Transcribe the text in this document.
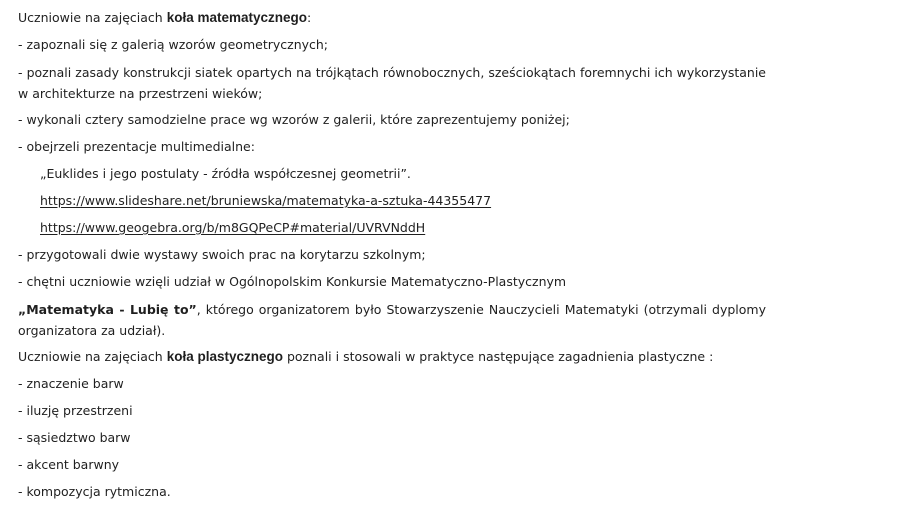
Uczniowie na zajęciach koła matematycznego:
- zapoznali się z galerią wzorów geometrycznych;
- poznali zasady konstrukcji siatek opartych na trójkątach równobocznych, sześciokątach foremnychi ich wykorzystanie w architekturze na przestrzeni wieków;
- wykonali cztery samodzielne prace wg wzorów z galerii, które zaprezentujemy poniżej;
- obejrzeli prezentacje multimedialne:
„Euklides i jego postulaty - źródła współczesnej geometrii”.
https://www.slideshare.net/bruniewska/matematyka-a-sztuka-44355477
https://www.geogebra.org/b/m8GQPeCP#material/UVRVNddH
- przygotowali dwie wystawy swoich prac na korytarzu szkolnym;
- chętni uczniowie wzięli udział w Ogólnopolskim Konkursie Matematyczno-Plastycznym
„Matematyka - Lubię to”, którego organizatorem było Stowarzyszenie Nauczycieli Matematyki (otrzymali dyplomy organizatora za udział).
Uczniowie na zajęciach koła plastycznego poznali i stosowali w praktyce następujące zagadnienia plastyczne :
- znaczenie barw
- iluzję przestrzeni
- sąsiedztwo barw
- akcent barwny
- kompozycja rytmiczna.
